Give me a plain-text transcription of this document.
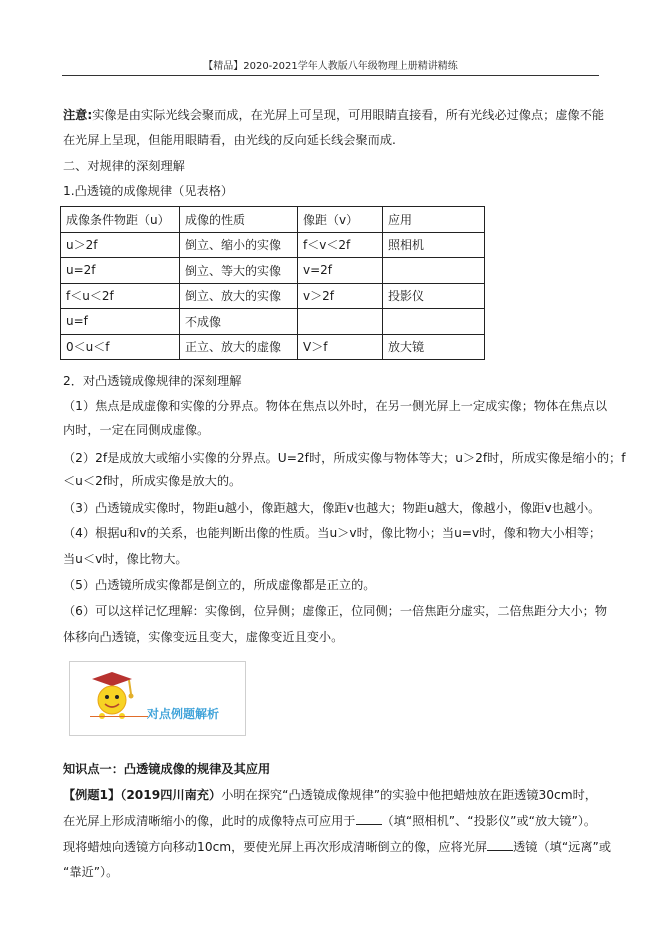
【精品】2020-2021学年人教版八年级物理上册精讲精练
注意:实像是由实际光线会聚而成，在光屏上可呈现，可用眼睛直接看，所有光线必过像点；虚像不能
在光屏上呈现，但能用眼睛看，由光线的反向延长线会聚而成.
二、对规律的深刻理解
1.凸透镜的成像规律（见表格）
成像条件物距（u）	成像的性质	像距（v）	应用
u＞2f	倒立、缩小的实像	f＜v＜2f	照相机
u=2f	倒立、等大的实像	v=2f	
f＜u＜2f	倒立、放大的实像	v＞2f	投影仪
u=f	不成像		
0＜u＜f	正立、放大的虚像	V＞f	放大镜
2．对凸透镜成像规律的深刻理解
（1）焦点是成虚像和实像的分界点。物体在焦点以外时，在另一侧光屏上一定成实像；物体在焦点以
内时，一定在同侧成虚像。
（2）2f是成放大或缩小实像的分界点。U=2f时，所成实像与物体等大；u＞2f时，所成实像是缩小的；f
＜u＜2f时，所成实像是放大的。
（3）凸透镜成实像时，物距u越小，像距越大，像距v也越大；物距u越大，像越小，像距v也越小。
（4）根据u和v的关系，也能判断出像的性质。当u＞v时，像比物小；当u=v时，像和物大小相等；
当u＜v时，像比物大。
（5）凸透镜所成实像都是倒立的，所成虚像都是正立的。
（6）可以这样记忆理解：实像倒，位异侧；虚像正，位同侧；一倍焦距分虚实，二倍焦距分大小；物
体移向凸透镜，实像变远且变大，虚像变近且变小。
对点例题解析
知识点一：凸透镜成像的规律及其应用
【例题1】（2019四川南充）小明在探究“凸透镜成像规律”的实验中他把蜡烛放在距透镜30cm时，
在光屏上形成清晰缩小的像，此时的成像特点可应用于 （填“照相机”、“投影仪”或“放大镜”）。
现将蜡烛向透镜方向移动10cm，要使光屏上再次形成清晰倒立的像，应将光屏 透镜（填“远离”或
“靠近”）。
